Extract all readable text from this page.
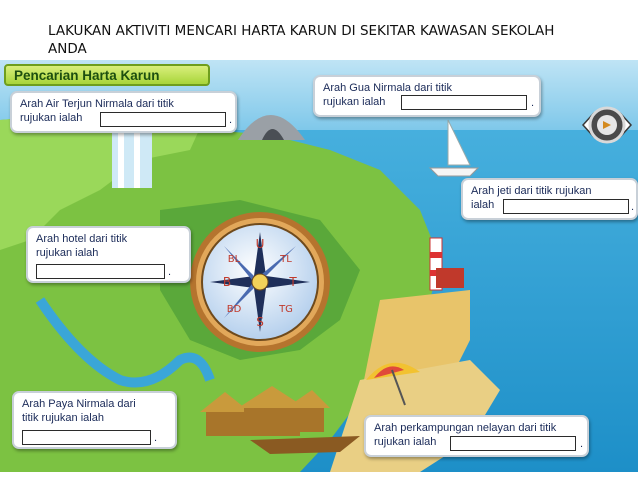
LAKUKAN AKTIVITI MENCARI HARTA KARUN DI SEKITAR KAWASAN SEKOLAH
ANDA
U
S
T
B
TL
BL
TG
BD
Pencarian Harta Karun
Arah Air Terjun Nirmala dari titik
rujukan ialah	.
Arah Gua Nirmala dari titik
rujukan ialah	.
Arah jeti dari titik rujukan
ialah	.
Arah hotel dari titik
rujukan ialah
.
Arah Paya Nirmala dari
titik rujukan ialah
.
Arah perkampungan nelayan dari titik
rujukan ialah	.
